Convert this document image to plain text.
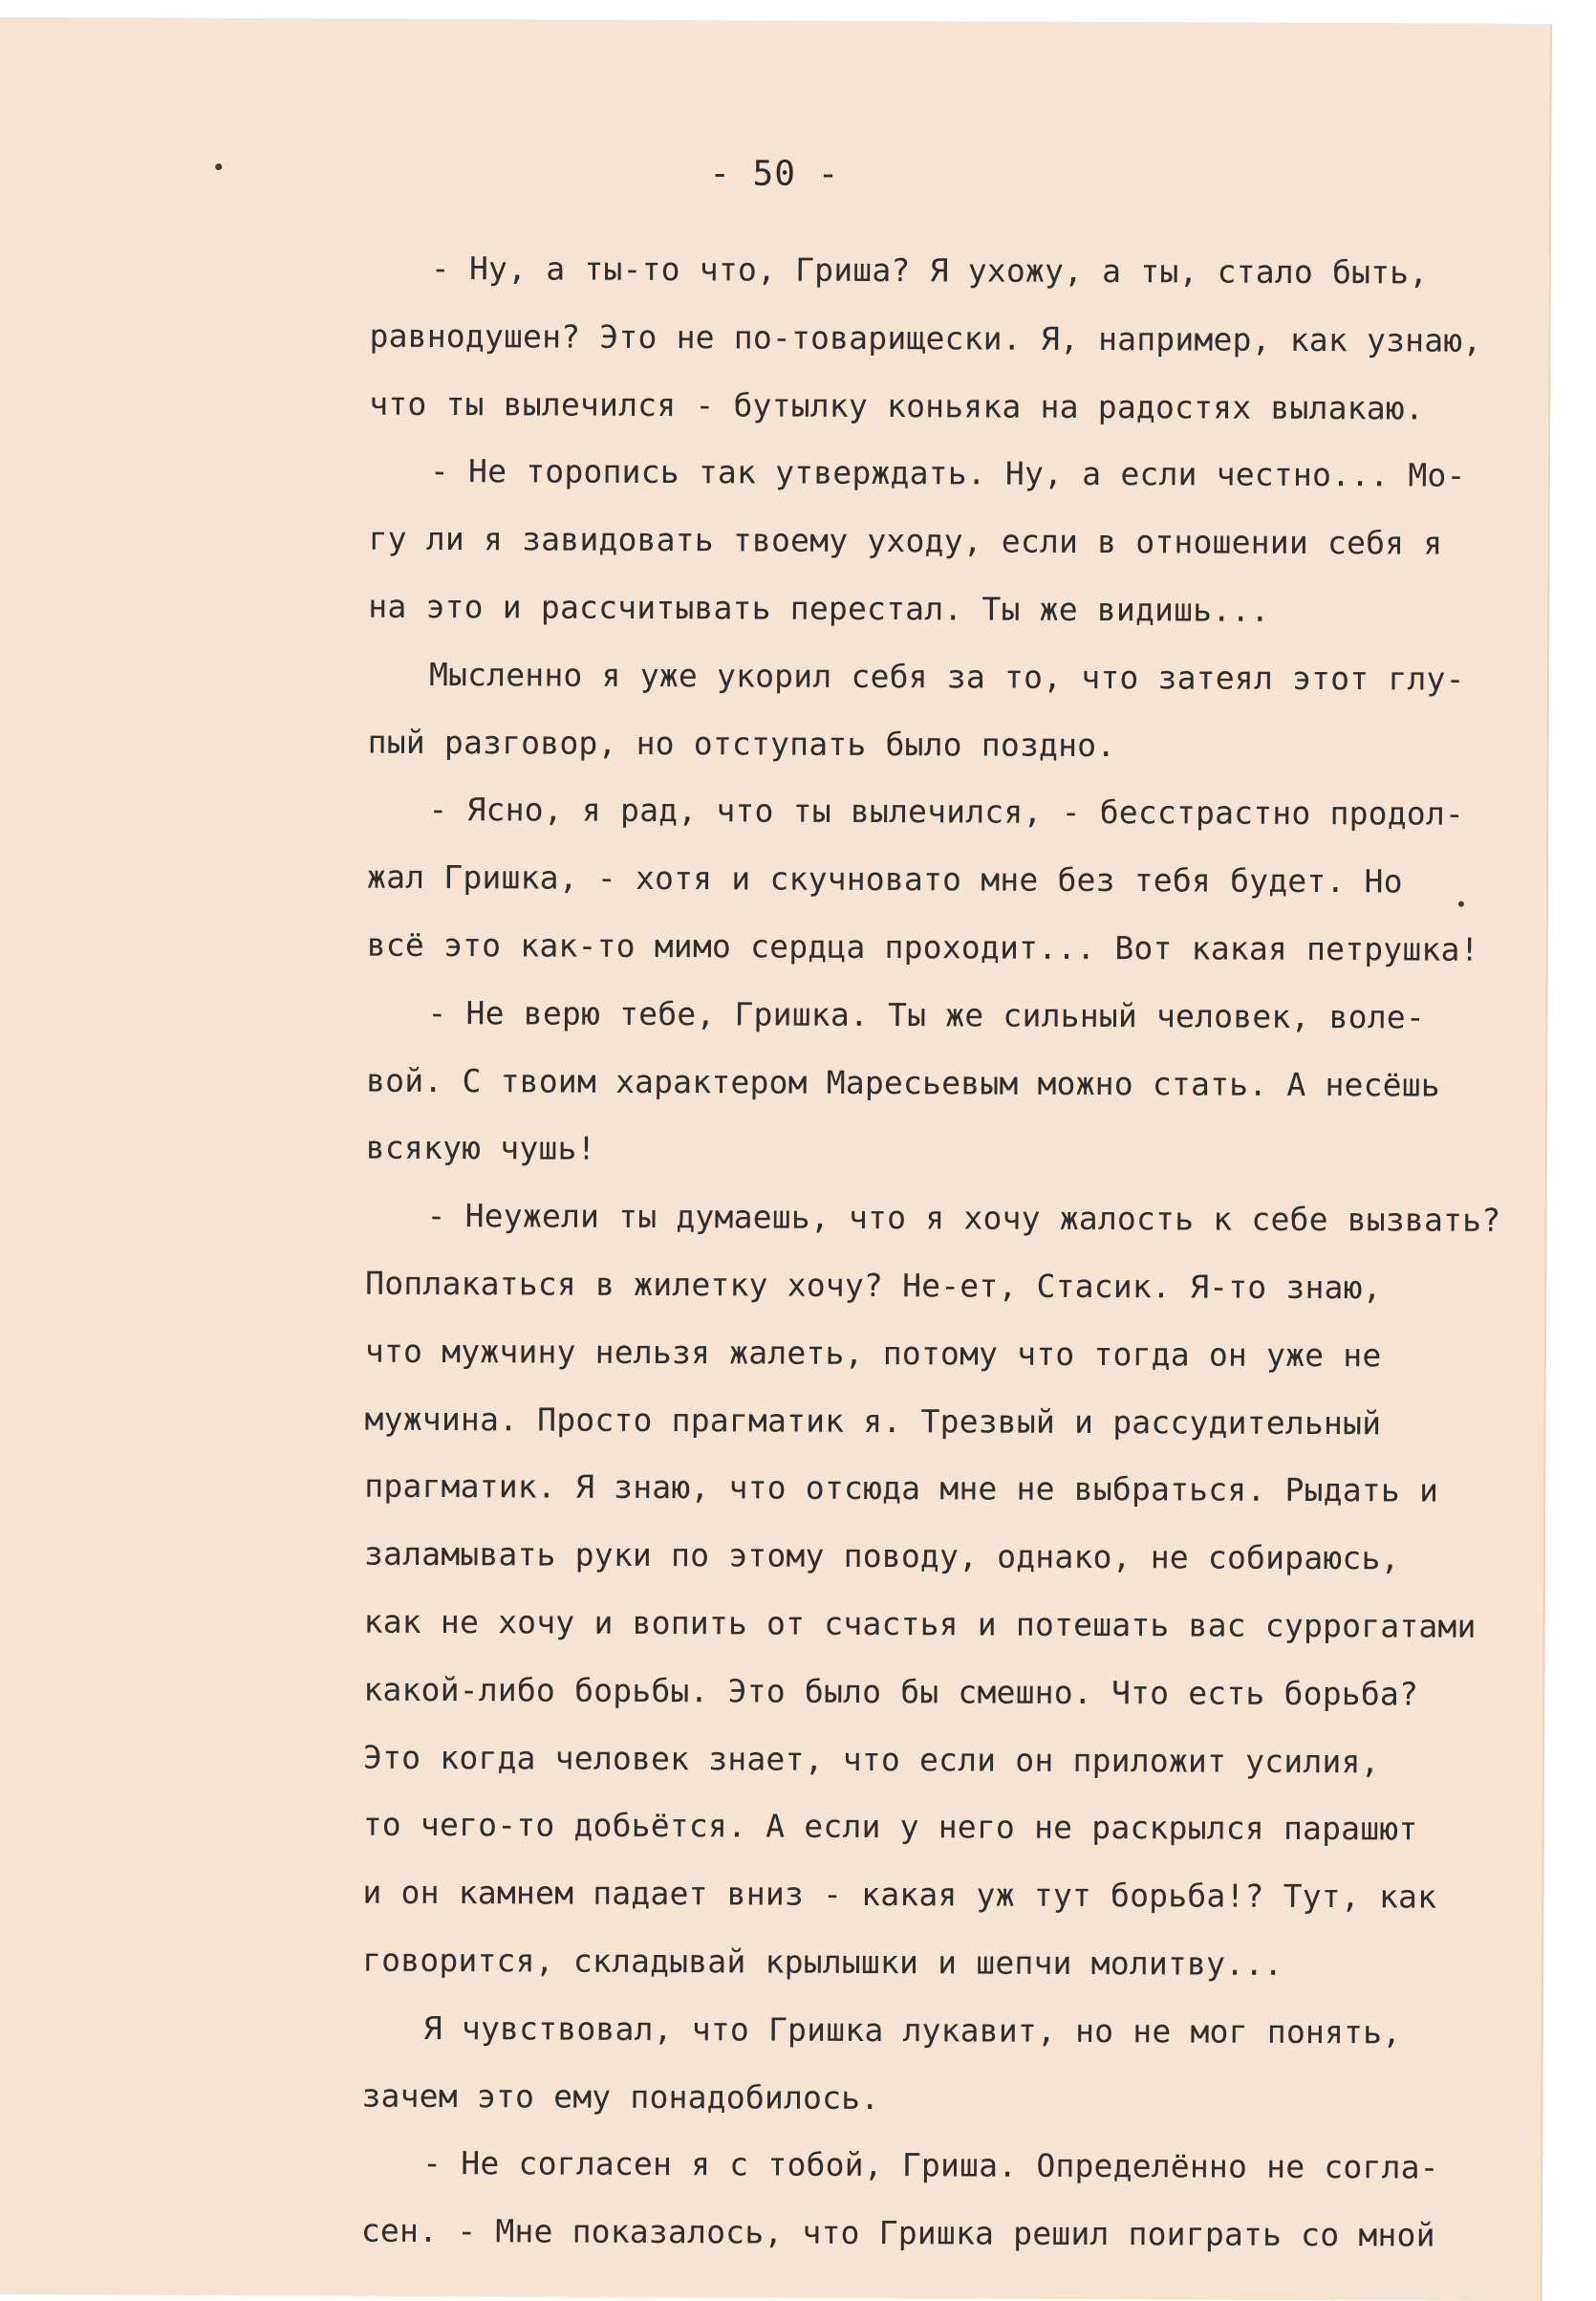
- 50 -
- Ну, а ты-то что, Гриша? Я ухожу, а ты, стало быть,
равнодушен? Это не по-товарищески. Я, например, как узнаю,
что ты вылечился - бутылку коньяка на радостях вылакаю.
- Не торопись так утверждать. Ну, а если честно... Мо-
гу ли я завидовать твоему уходу, если в отношении себя я
на это и рассчитывать перестал. Ты же видишь...
Мысленно я уже укорил себя за то, что затеял этот глу-
пый разговор, но отступать было поздно.
- Ясно, я рад, что ты вылечился, - бесстрастно продол-
жал Гришка, - хотя и скучновато мне без тебя будет. Но
всё это как-то мимо сердца проходит... Вот какая петрушка!
- Не верю тебе, Гришка. Ты же сильный человек, воле-
вой. С твоим характером Маресьевым можно стать. А несёшь
всякую чушь!
- Неужели ты думаешь, что я хочу жалость к себе вызвать?
Поплакаться в жилетку хочу? Не-ет, Стасик. Я-то знаю,
что мужчину нельзя жалеть, потому что тогда он уже не
мужчина. Просто прагматик я. Трезвый и рассудительный
прагматик. Я знаю, что отсюда мне не выбраться. Рыдать и
заламывать руки по этому поводу, однако, не собираюсь,
как не хочу и вопить от счастья и потешать вас суррогатами
какой-либо борьбы. Это было бы смешно. Что есть борьба?
Это когда человек знает, что если он приложит усилия,
то чего-то добьётся. А если у него не раскрылся парашют
и он камнем падает вниз - какая уж тут борьба!? Тут, как
говорится, складывай крылышки и шепчи молитву...
Я чувствовал, что Гришка лукавит, но не мог понять,
зачем это ему понадобилось.
- Не согласен я с тобой, Гриша. Определённо не согла-
сен. - Мне показалось, что Гришка решил поиграть со мной
